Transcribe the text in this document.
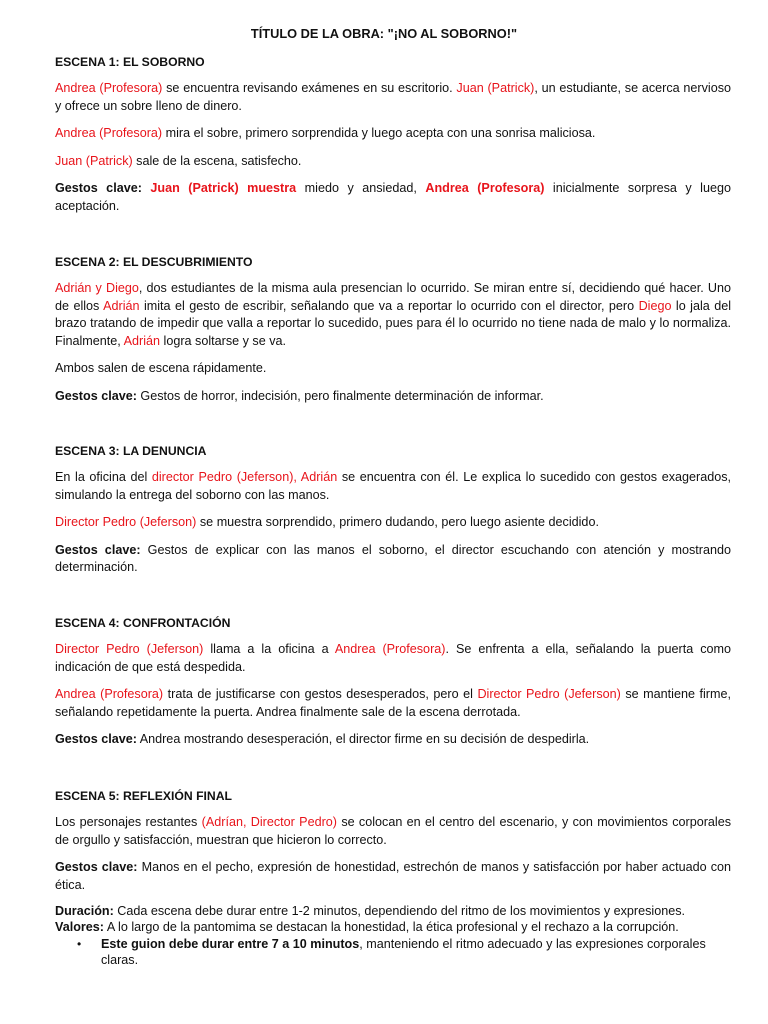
TÍTULO DE LA OBRA: "¡NO AL SOBORNO!"
ESCENA 1: EL SOBORNO

Andrea (Profesora) se encuentra revisando exámenes en su escritorio. Juan (Patrick), un estudiante, se acerca nervioso y ofrece un sobre lleno de dinero.

Andrea (Profesora) mira el sobre, primero sorprendida y luego acepta con una sonrisa maliciosa.

Juan (Patrick) sale de la escena, satisfecho.

Gestos clave: Juan (Patrick) muestra miedo y ansiedad, Andrea (Profesora) inicialmente sorpresa y luego aceptación.

ESCENA 2: EL DESCUBRIMIENTO

Adrián y Diego, dos estudiantes de la misma aula presencian lo ocurrido. Se miran entre sí, decidiendo qué hacer. Uno de ellos Adrián imita el gesto de escribir, señalando que va a reportar lo ocurrido con el director, pero Diego lo jala del brazo tratando de impedir que valla a reportar lo sucedido, pues para él lo ocurrido no tiene nada de malo y lo normaliza. Finalmente, Adrián logra soltarse y se va.

Ambos salen de escena rápidamente.

Gestos clave: Gestos de horror, indecisión, pero finalmente determinación de informar.

ESCENA 3: LA DENUNCIA

En la oficina del director Pedro (Jeferson), Adrián se encuentra con él. Le explica lo sucedido con gestos exagerados, simulando la entrega del soborno con las manos.

Director Pedro (Jeferson) se muestra sorprendido, primero dudando, pero luego asiente decidido.

Gestos clave: Gestos de explicar con las manos el soborno, el director escuchando con atención y mostrando determinación.

ESCENA 4: CONFRONTACIÓN

Director Pedro (Jeferson) llama a la oficina a Andrea (Profesora). Se enfrenta a ella, señalando la puerta como indicación de que está despedida.

Andrea (Profesora) trata de justificarse con gestos desesperados, pero el Director Pedro (Jeferson) se mantiene firme, señalando repetidamente la puerta. Andrea finalmente sale de la escena derrotada.

Gestos clave: Andrea mostrando desesperación, el director firme en su decisión de despedirla.

ESCENA 5: REFLEXIÓN FINAL

Los personajes restantes (Adrían, Director Pedro) se colocan en el centro del escenario, y con movimientos corporales de orgullo y satisfacción, muestran que hicieron lo correcto.

Gestos clave: Manos en el pecho, expresión de honestidad, estrechón de manos y satisfacción por haber actuado con ética.

Duración: Cada escena debe durar entre 1-2 minutos, dependiendo del ritmo de los movimientos y expresiones.

Valores: A lo largo de la pantomima se destacan la honestidad, la ética profesional y el rechazo a la corrupción.

• Este guion debe durar entre 7 a 10 minutos, manteniendo el ritmo adecuado y las expresiones corporales claras.
